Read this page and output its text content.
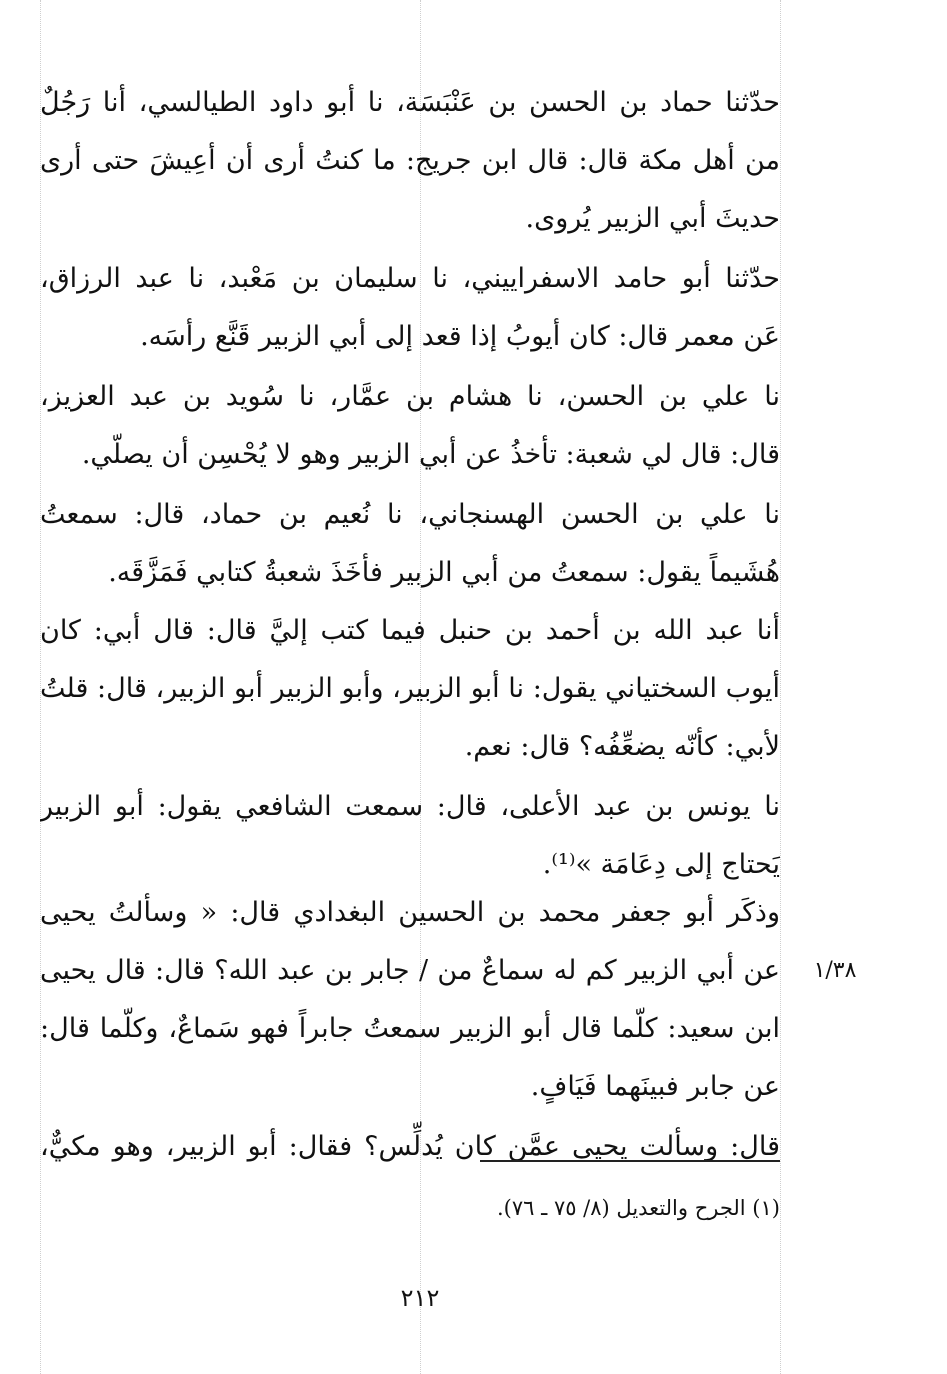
حدّثنا حماد بن الحسن بن عَنْبَسَة، نا أبو داود الطيالسي، أنا رَجُلٌ
من أهل مكة قال: قال ابن جريج: ما كنتُ أرى أن أعِيشَ حتى أرى
حديثَ أبي الزبير يُروى.
حدّثنا أبو حامد الاسفراييني، نا سليمان بن مَعْبد، نا عبد الرزاق،
عَن معمر قال: كان أيوبُ إذا قعد إلى أبي الزبير قَنَّع رأسَه.
نا علي بن الحسن، نا هشام بن عمَّار، نا سُويد بن عبد العزيز،
قال: قال لي شعبة: تأخذُ عن أبي الزبير وهو لا يُحْسِن أن يصلّي.
نا علي بن الحسن الهسنجاني، نا نُعيم بن حماد، قال: سمعتُ
هُشَيماً يقول: سمعتُ من أبي الزبير فأخَذَ شعبةُ كتابي فَمَزَّقَه.
أنا عبد الله بن أحمد بن حنبل فيما كتب إليَّ قال: قال أبي: كان
أيوب السختياني يقول: نا أبو الزبير، وأبو الزبير أبو الزبير، قال: قلتُ
لأبي: كأنّه يضعِّفُه؟ قال: نعم.
نا يونس بن عبد الأعلى، قال: سمعت الشافعي يقول: أبو الزبير
يَحتاج إلى دِعَامَة »⁽¹⁾.
وذكَر أبو جعفر محمد بن الحسين البغدادي قال: « وسألتُ يحيى
عن أبي الزبير كم له سماعٌ من / جابر بن عبد الله؟ قال: قال يحيى
ابن سعيد: كلّما قال أبو الزبير سمعتُ جابراً فهو سَماعٌ، وكلّما قال:
عن جابر فبينَهما فَيَافٍ.
قال: وسألت يحيى عمَّن كان يُدلِّس؟ فقال: أبو الزبير، وهو مكيٌّ،
١/٣٨
(١) الجرح والتعديل (٨/ ٧٥ ـ ٧٦).
٢١٢
